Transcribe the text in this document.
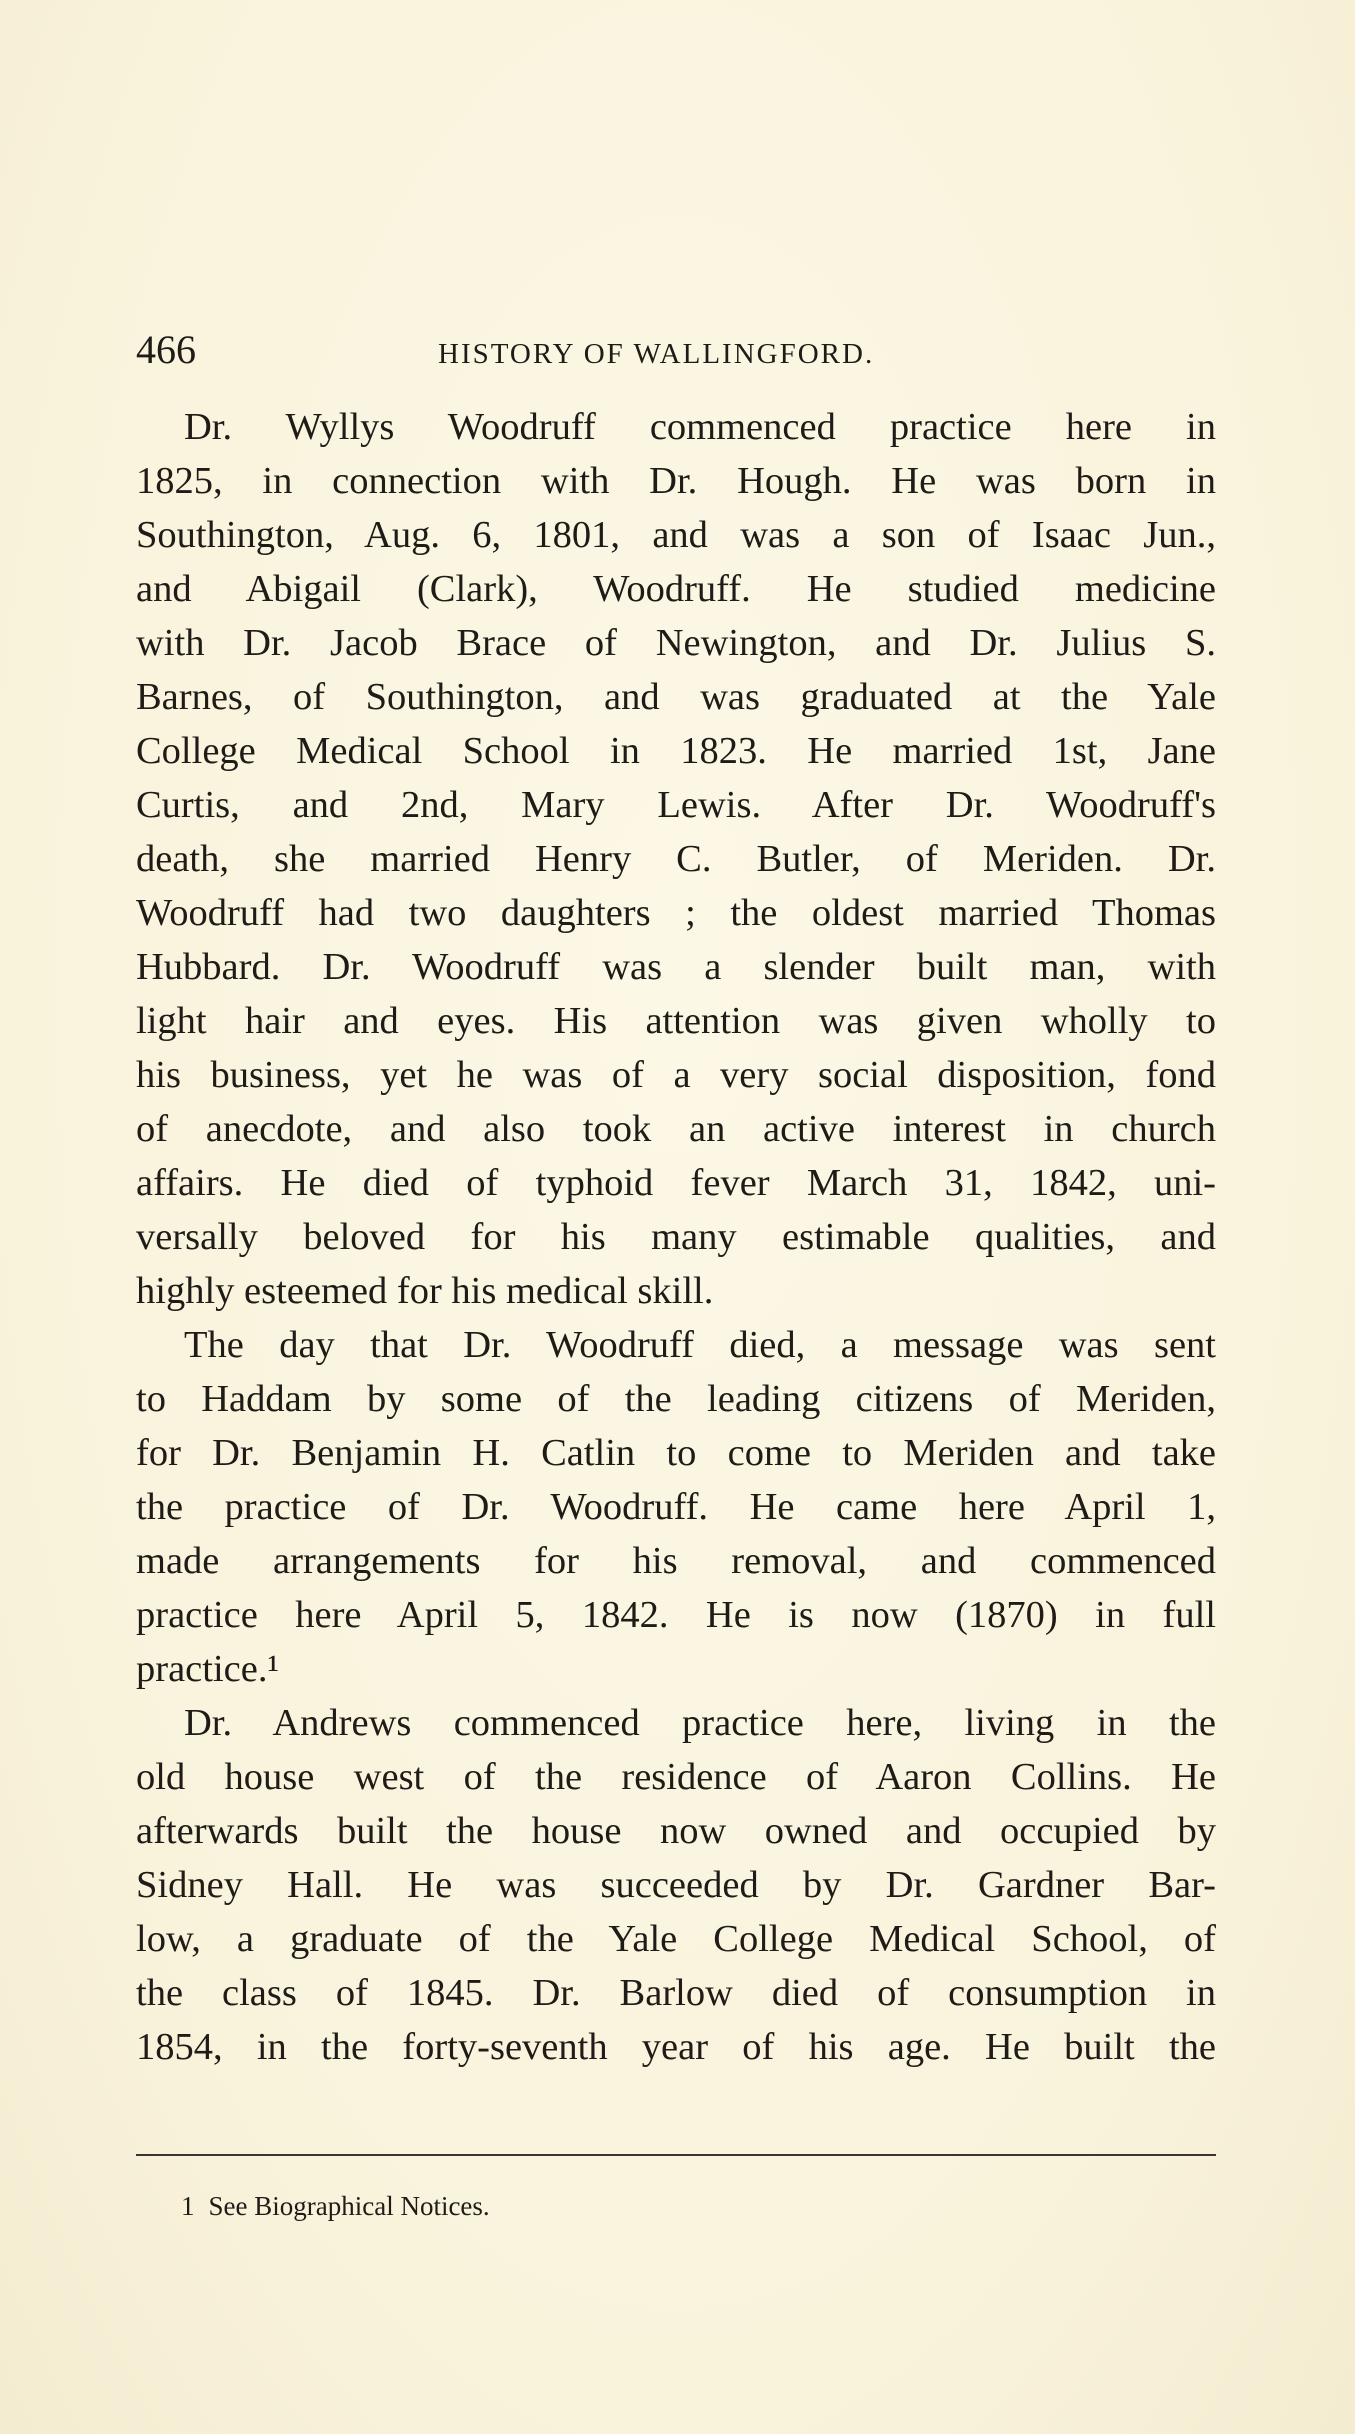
466	HISTORY OF WALLINGFORD.
Dr. Wyllys Woodruff commenced practice here in
1825, in connection with Dr. Hough. He was born in
Southington, Aug. 6, 1801, and was a son of Isaac Jun.,
and Abigail (Clark), Woodruff. He studied medicine
with Dr. Jacob Brace of Newington, and Dr. Julius S.
Barnes, of Southington, and was graduated at the Yale
College Medical School in 1823. He married 1st, Jane
Curtis, and 2nd, Mary Lewis. After Dr. Woodruff's
death, she married Henry C. Butler, of Meriden. Dr.
Woodruff had two daughters ; the oldest married Thomas
Hubbard. Dr. Woodruff was a slender built man, with
light hair and eyes. His attention was given wholly to
his business, yet he was of a very social disposition, fond
of anecdote, and also took an active interest in church
affairs. He died of typhoid fever March 31, 1842, uni-
versally beloved for his many estimable qualities, and
highly esteemed for his medical skill.
The day that Dr. Woodruff died, a message was sent
to Haddam by some of the leading citizens of Meriden,
for Dr. Benjamin H. Catlin to come to Meriden and take
the practice of Dr. Woodruff. He came here April 1,
made arrangements for his removal, and commenced
practice here April 5, 1842. He is now (1870) in full
practice.¹
Dr. Andrews commenced practice here, living in the
old house west of the residence of Aaron Collins. He
afterwards built the house now owned and occupied by
Sidney Hall. He was succeeded by Dr. Gardner Bar-
low, a graduate of the Yale College Medical School, of
the class of 1845. Dr. Barlow died of consumption in
1854, in the forty-seventh year of his age. He built the
1 See Biographical Notices.
